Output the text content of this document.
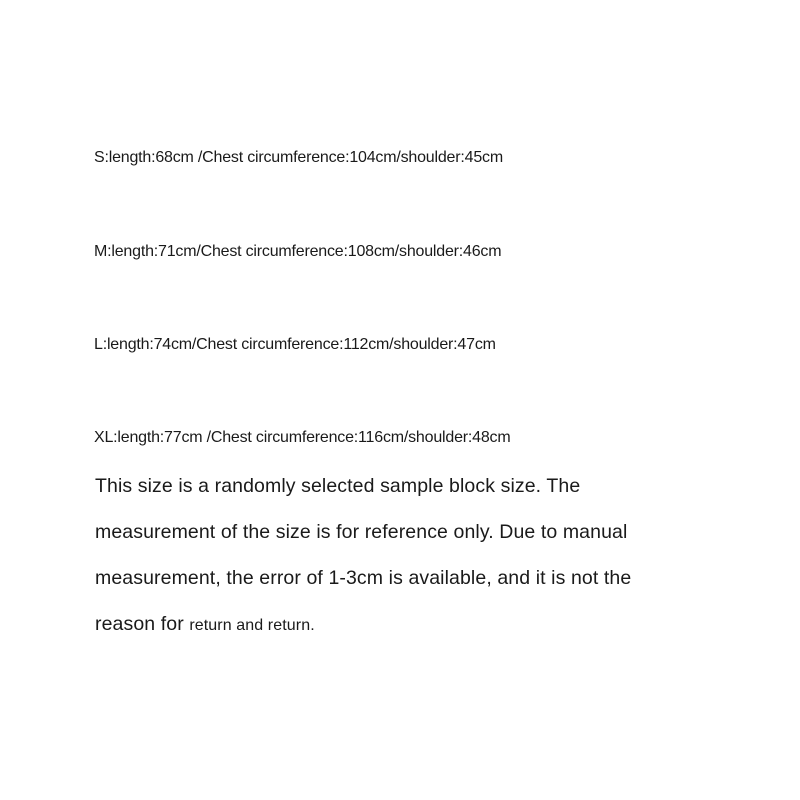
S:length:68cm /Chest circumference:104cm/shoulder:45cm
M:length:71cm/Chest circumference:108cm/shoulder:46cm
L:length:74cm/Chest circumference:112cm/shoulder:47cm
XL:length:77cm /Chest circumference:116cm/shoulder:48cm
This size is a randomly selected sample block size. The
measurement of the size is for reference only. Due to manual
measurement, the error of 1-3cm is available, and it is not the
reason for return and return.
